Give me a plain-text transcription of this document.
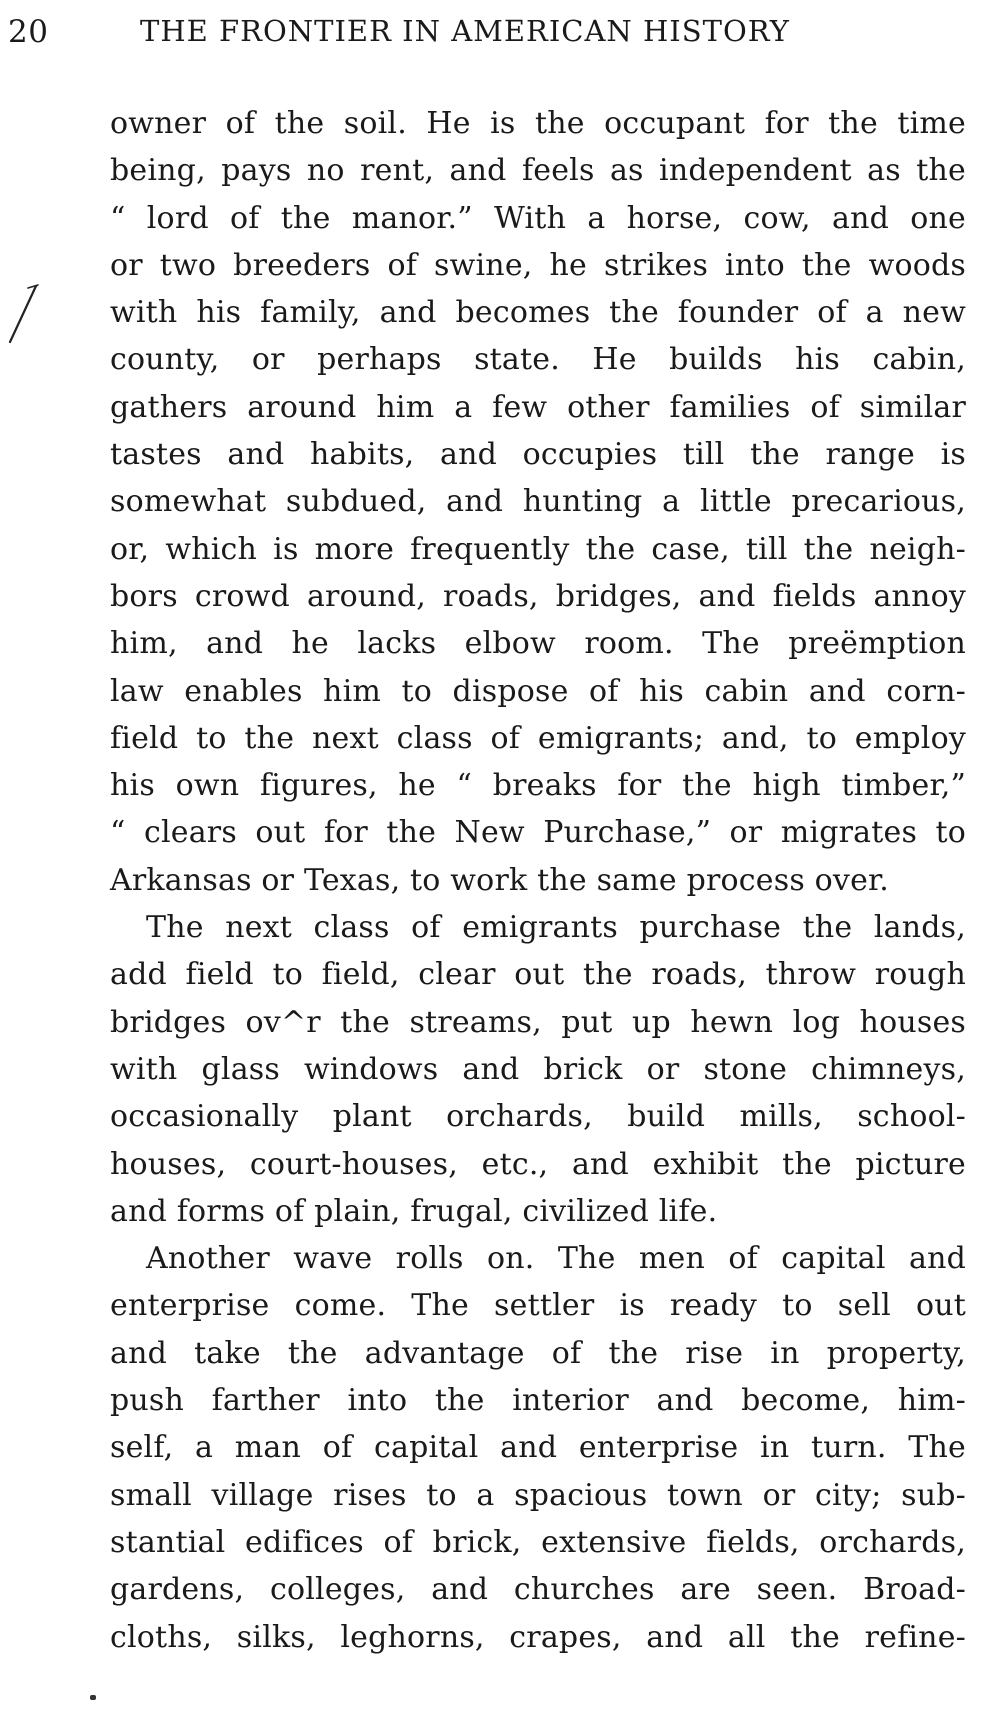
20	THE FRONTIER IN AMERICAN HISTORY
owner of the soil. He is the occupant for the time
being, pays no rent, and feels as independent as the
“ lord of the manor.” With a horse, cow, and one
or two breeders of swine, he strikes into the woods
with his family, and becomes the founder of a new
county, or perhaps state. He builds his cabin,
gathers around him a few other families of similar
tastes and habits, and occupies till the range is
somewhat subdued, and hunting a little precarious,
or, which is more frequently the case, till the neigh-
bors crowd around, roads, bridges, and fields annoy
him, and he lacks elbow room. The preëmption
law enables him to dispose of his cabin and corn-
field to the next class of emigrants; and, to employ
his own figures, he “ breaks for the high timber,”
“ clears out for the New Purchase,” or migrates to
Arkansas or Texas, to work the same process over.
The next class of emigrants purchase the lands,
add field to field, clear out the roads, throw rough
bridges ov^r the streams, put up hewn log houses
with glass windows and brick or stone chimneys,
occasionally plant orchards, build mills, school-
houses, court-houses, etc., and exhibit the picture
and forms of plain, frugal, civilized life.
Another wave rolls on. The men of capital and
enterprise come. The settler is ready to sell out
and take the advantage of the rise in property,
push farther into the interior and become, him-
self, a man of capital and enterprise in turn. The
small village rises to a spacious town or city; sub-
stantial edifices of brick, extensive fields, orchards,
gardens, colleges, and churches are seen. Broad-
cloths, silks, leghorns, crapes, and all the refine-
